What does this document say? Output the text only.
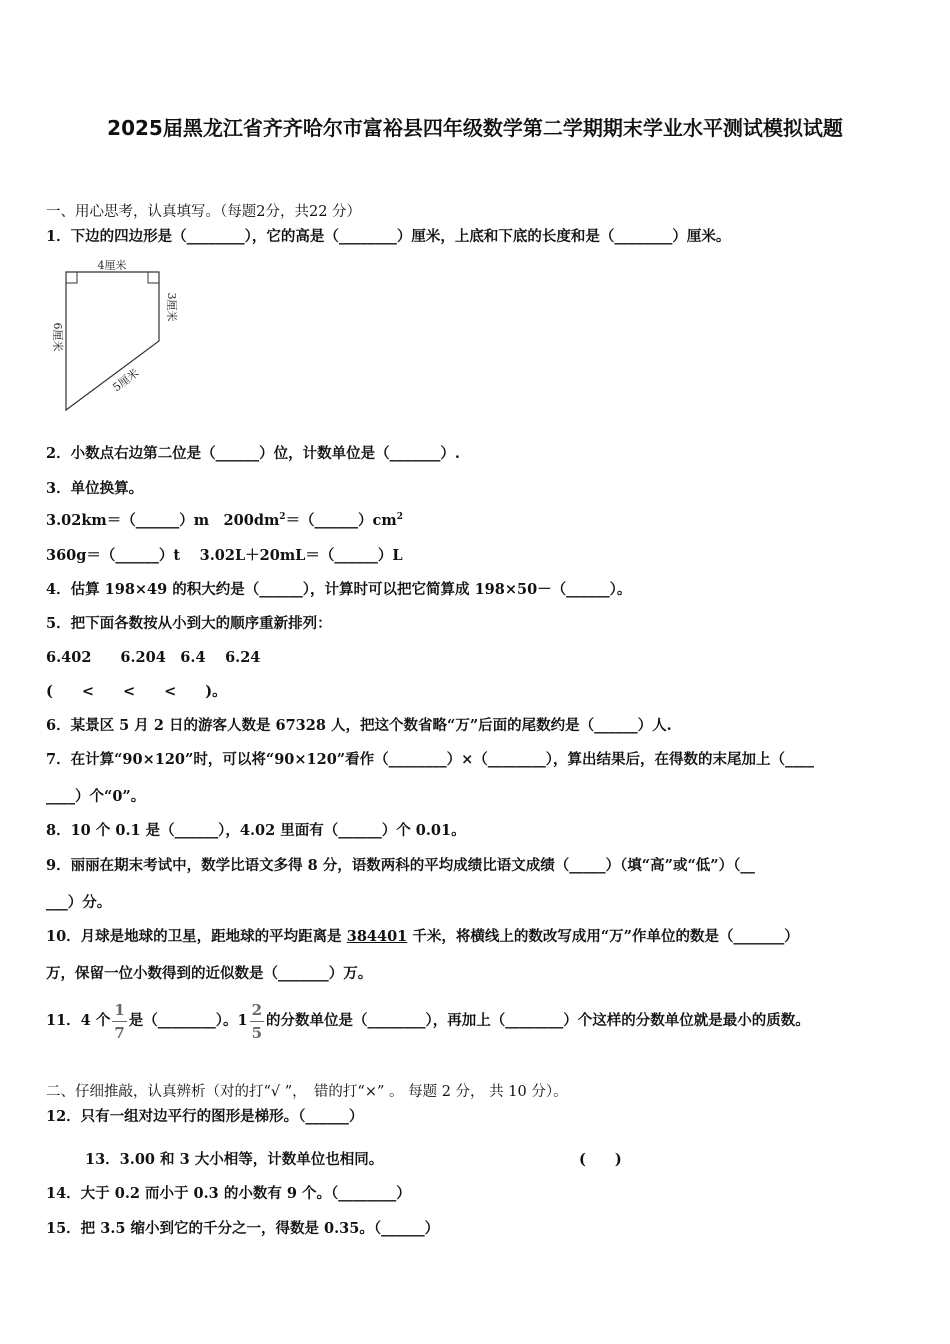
2025届黑龙江省齐齐哈尔市富裕县四年级数学第二学期期末学业水平测试模拟试题
一、用心思考，认真填写。（每题2分，共22 分）
1．下边的四边形是（________），它的高是（________）厘米，上底和下底的长度和是（________）厘米。
4厘米
3厘米
6厘米
5厘米
2．小数点右边第二位是（______）位，计数单位是（_______）.
3．单位换算。
3.02km＝（______）m　$200dm^2=(\_\_\_\_\_\_)cm^2$
360g＝（______）t　 3.02L＋20mL＝（______）L
4．估算 198×49 的积大约是（______），计算时可以把它简算成 198×50－（______）。
5．把下面各数按从小到大的顺序重新排列：
6.402　　6.204　6.4　 6.24
(　　<　　<　　<　　)。
6．某景区 5 月 2 日的游客人数是 67328 人，把这个数省略“万”后面的尾数约是（______）人.
7．在计算“90×120”时，可以将“90×120”看作（________）×（________），算出结果后，在得数的末尾加上（____
____）个“0”。
8．10 个 0.1 是（______），4.02 里面有（______）个 0.01。
9．丽丽在期末考试中，数学比语文多得 8 分，语数两科的平均成绩比语文成绩（_____）（填“高”或“低”）（__
___）分。
10．月球是地球的卫星，距地球的平均距离是 384401 千米，将横线上的数改写成用“万”作单位的数是（_______）
万，保留一位小数得到的近似数是（_______）万。
11．4 个 $\frac{1}{7}$ 是（________）。$1 \frac{2}{5}$ 的分数单位是（________），再加上（________）个这样的分数单位就是最小的质数。
二、仔细推敲，认真辨析（对的打“√ ”，　错的打“×” 。 每题 2 分， 共 10 分）。
12．只有一组对边平行的图形是梯形。（______）
13．3.00 和 3 大小相等，计数单位也相同。	(　　)
14．大于 0.2 而小于 0.3 的小数有 9 个。（________）
15．把 3.5 缩小到它的千分之一，得数是 0.35。（______）
